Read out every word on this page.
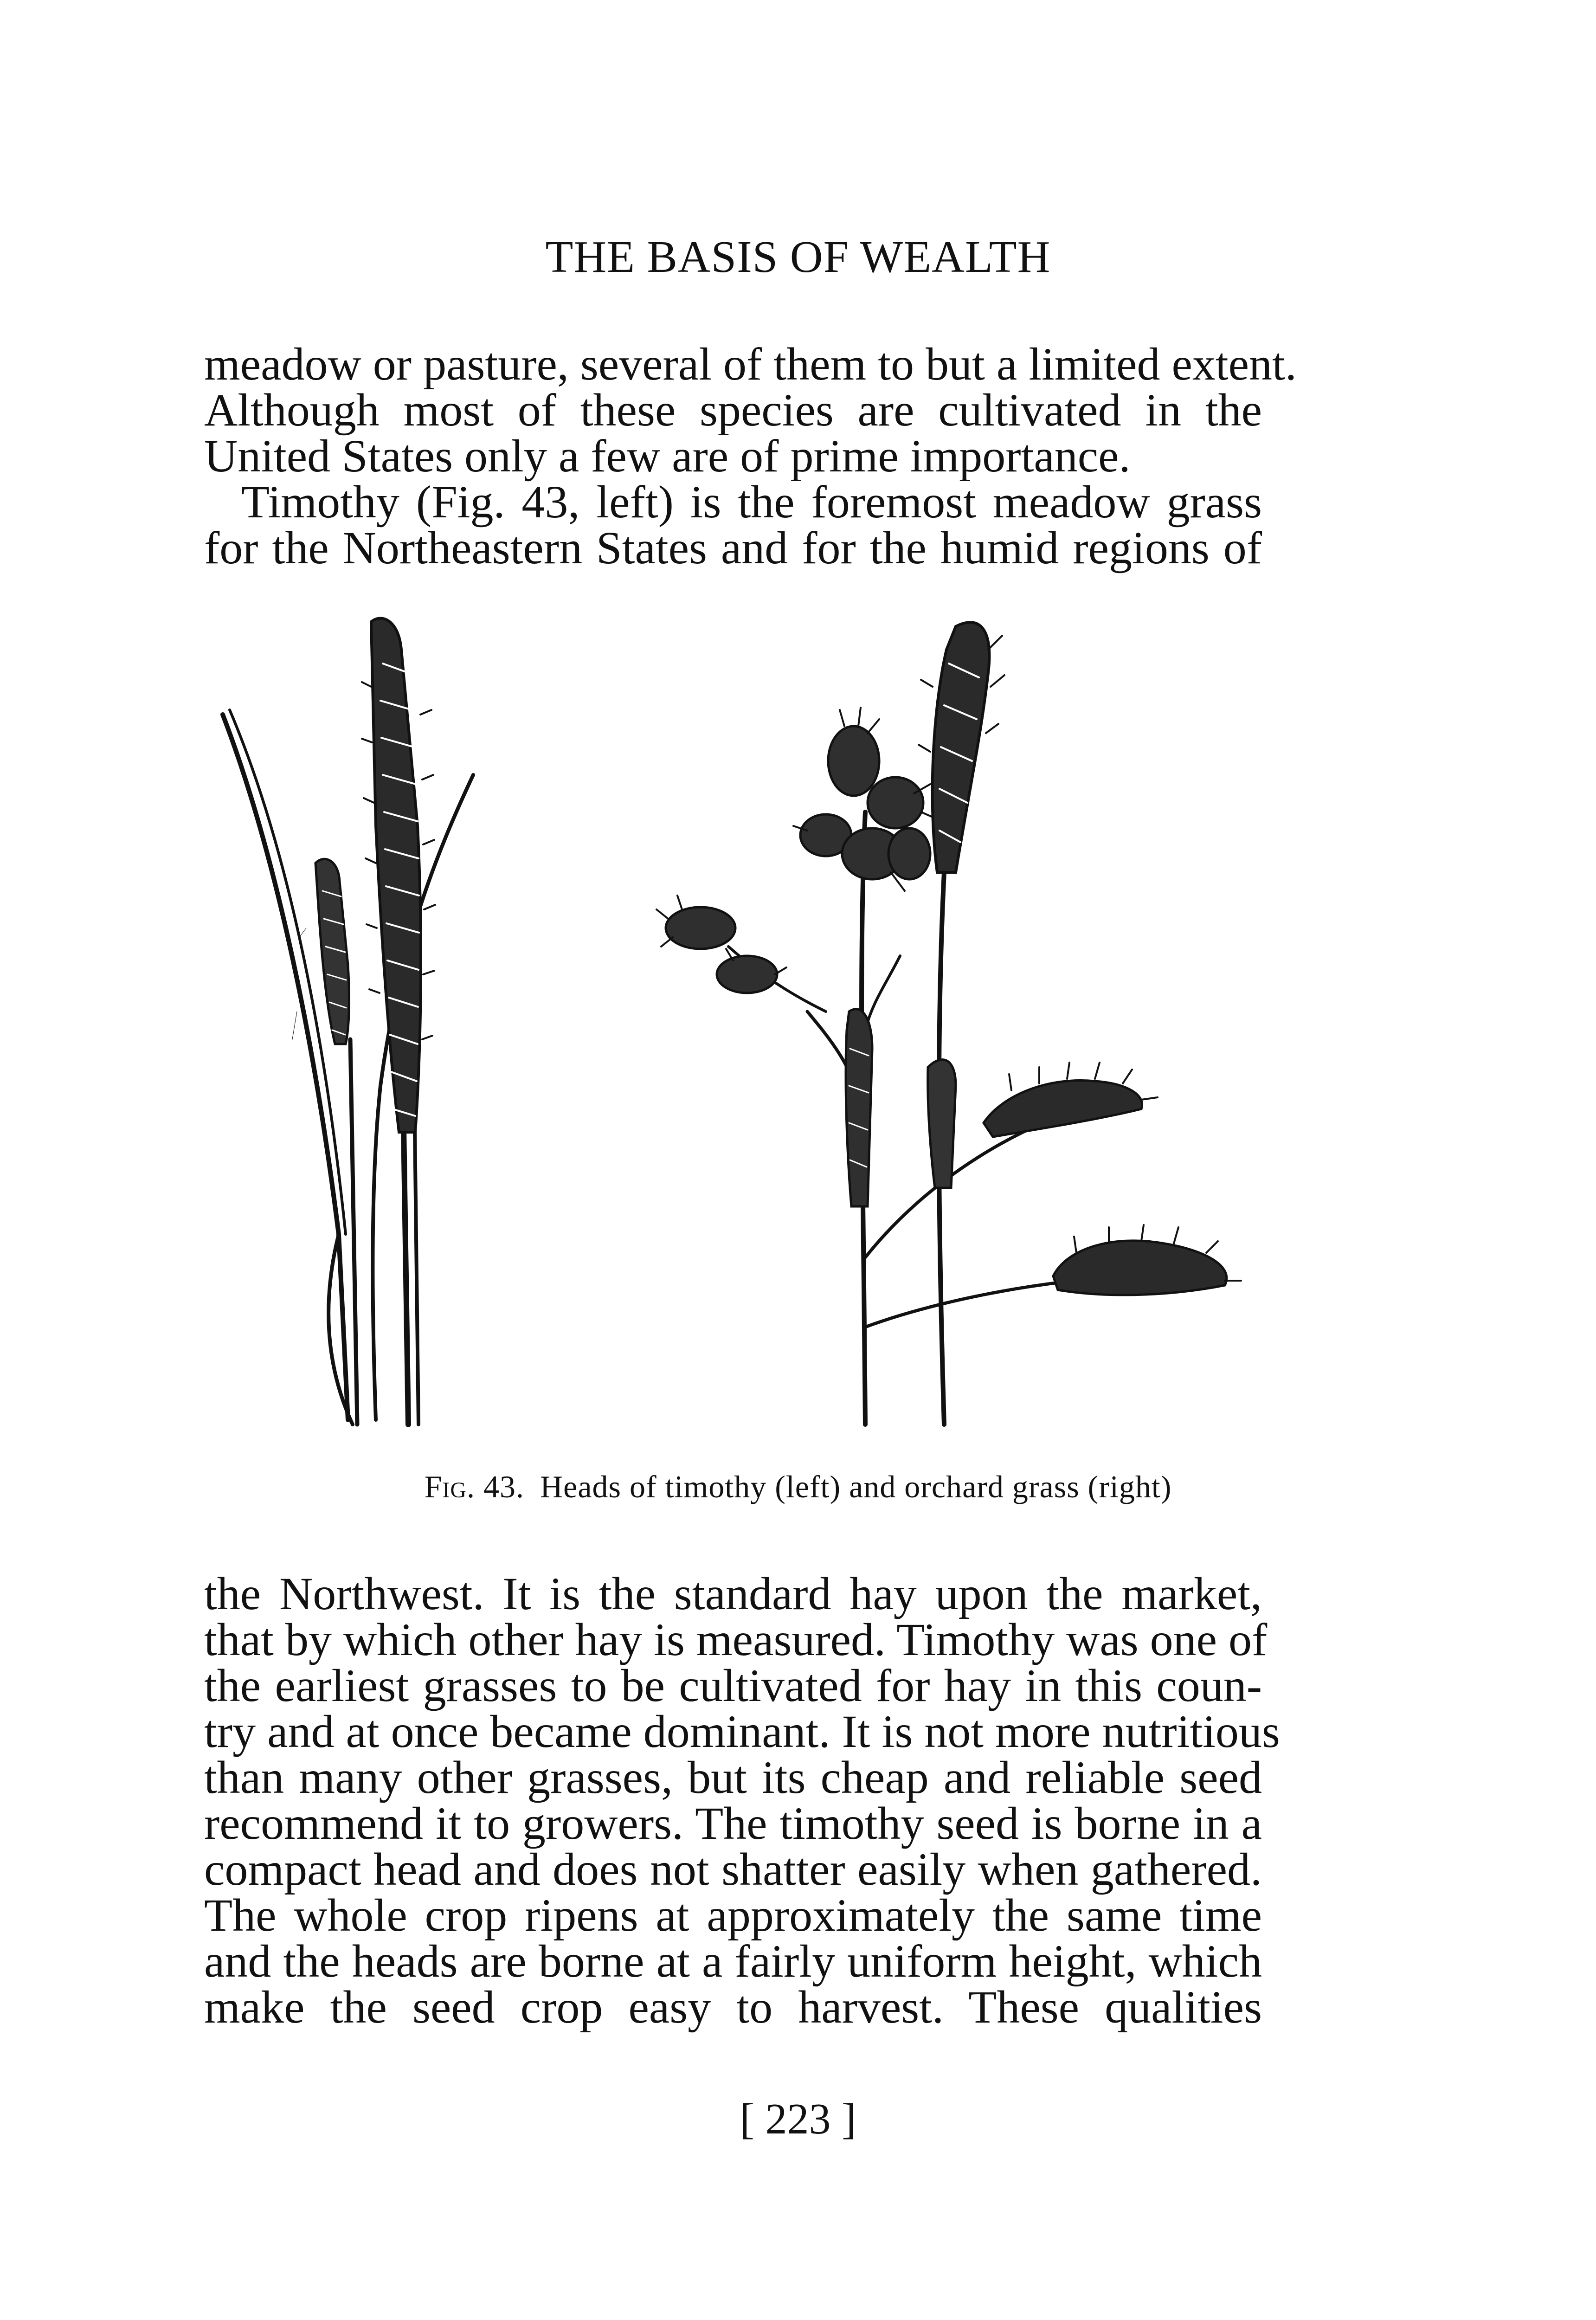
THE BASIS OF WEALTH
meadow or pasture, several of them to but a limited extent.
Although most of these species are cultivated in the
United States only a few are of prime importance.
Timothy (Fig. 43, left) is the foremost meadow grass
for the Northeastern States and for the humid regions of
Fig. 43. Heads of timothy (left) and orchard grass (right)
the Northwest. It is the standard hay upon the market,
that by which other hay is measured. Timothy was one of
the earliest grasses to be cultivated for hay in this coun-
try and at once became dominant. It is not more nutritious
than many other grasses, but its cheap and reliable seed
recommend it to growers. The timothy seed is borne in a
compact head and does not shatter easily when gathered.
The whole crop ripens at approximately the same time
and the heads are borne at a fairly uniform height, which
make the seed crop easy to harvest. These qualities
[ 223 ]
